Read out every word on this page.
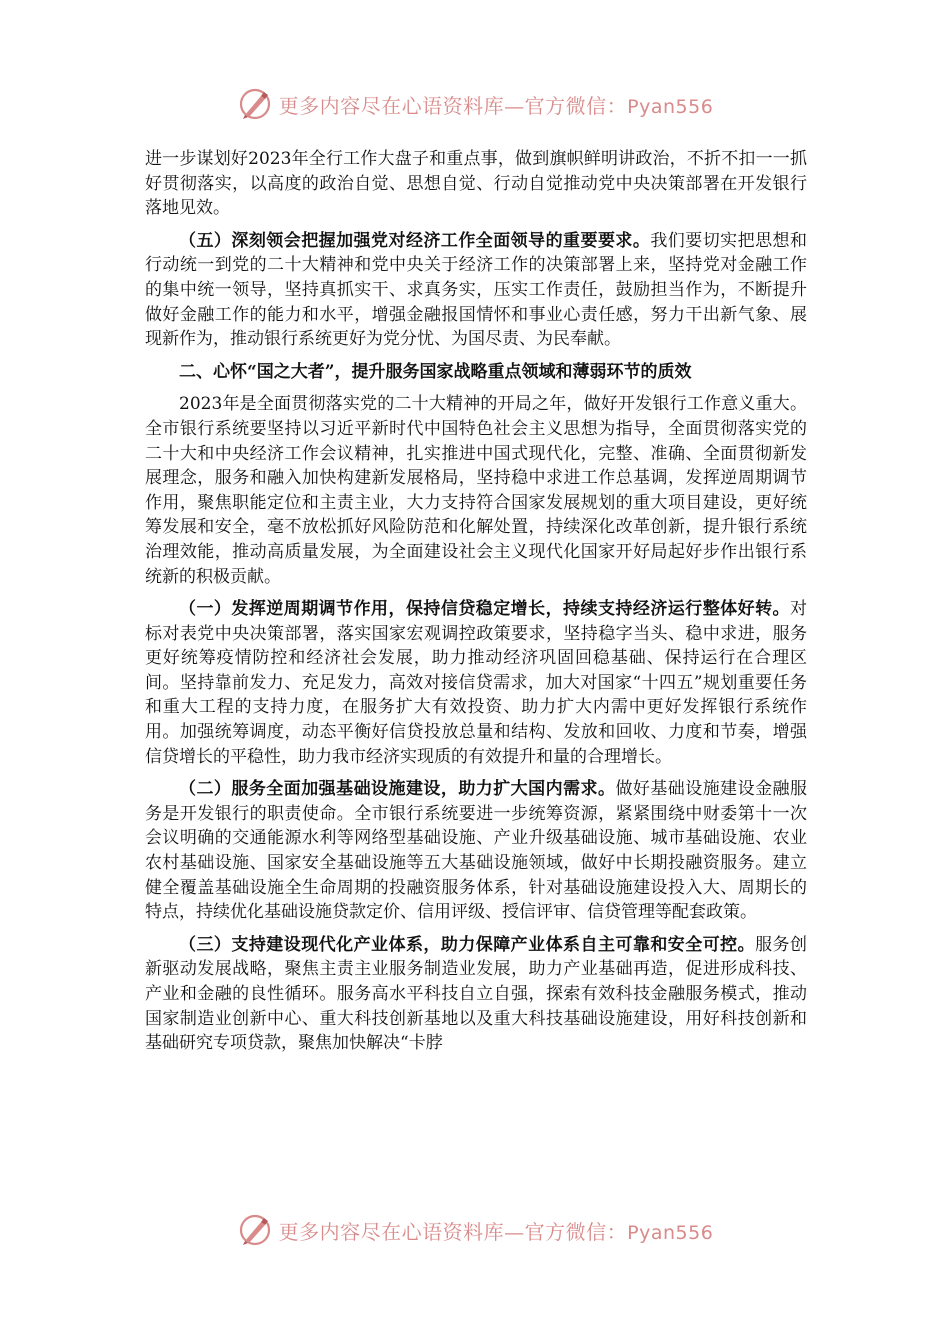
更多内容尽在心语资料库—官方微信：Pyan556

进一步谋划好2023年全行工作大盘子和重点事，做到旗帜鲜明讲政治，不折不扣一一抓好贯彻落实，以高度的政治自觉、思想自觉、行动自觉推动党中央决策部署在开发银行落地见效。

（五）深刻领会把握加强党对经济工作全面领导的重要要求。我们要切实把思想和行动统一到党的二十大精神和党中央关于经济工作的决策部署上来，坚持党对金融工作的集中统一领导，坚持真抓实干、求真务实，压实工作责任，鼓励担当作为，不断提升做好金融工作的能力和水平，增强金融报国情怀和事业心责任感，努力干出新气象、展现新作为，推动银行系统更好为党分忧、为国尽责、为民奉献。

二、心怀“国之大者”，提升服务国家战略重点领域和薄弱环节的质效

2023年是全面贯彻落实党的二十大精神的开局之年，做好开发银行工作意义重大。全市银行系统要坚持以习近平新时代中国特色社会主义思想为指导，全面贯彻落实党的二十大和中央经济工作会议精神，扎实推进中国式现代化，完整、准确、全面贯彻新发展理念，服务和融入加快构建新发展格局，坚持稳中求进工作总基调，发挥逆周期调节作用，聚焦职能定位和主责主业，大力支持符合国家发展规划的重大项目建设，更好统筹发展和安全，毫不放松抓好风险防范和化解处置，持续深化改革创新，提升银行系统治理效能，推动高质量发展，为全面建设社会主义现代化国家开好局起好步作出银行系统新的积极贡献。

（一）发挥逆周期调节作用，保持信贷稳定增长，持续支持经济运行整体好转。对标对表党中央决策部署，落实国家宏观调控政策要求，坚持稳字当头、稳中求进，服务更好统筹疫情防控和经济社会发展，助力推动经济巩固回稳基础、保持运行在合理区间。坚持靠前发力、充足发力，高效对接信贷需求，加大对国家“十四五”规划重要任务和重大工程的支持力度，在服务扩大有效投资、助力扩大内需中更好发挥银行系统作用。加强统筹调度，动态平衡好信贷投放总量和结构、发放和回收、力度和节奏，增强信贷增长的平稳性，助力我市经济实现质的有效提升和量的合理增长。

（二）服务全面加强基础设施建设，助力扩大国内需求。做好基础设施建设金融服务是开发银行的职责使命。全市银行系统要进一步统筹资源，紧紧围绕中财委第十一次会议明确的交通能源水利等网络型基础设施、产业升级基础设施、城市基础设施、农业农村基础设施、国家安全基础设施等五大基础设施领域，做好中长期投融资服务。建立健全覆盖基础设施全生命周期的投融资服务体系，针对基础设施建设投入大、周期长的特点，持续优化基础设施贷款定价、信用评级、授信评审、信贷管理等配套政策。

（三）支持建设现代化产业体系，助力保障产业体系自主可靠和安全可控。服务创新驱动发展战略，聚焦主责主业服务制造业发展，助力产业基础再造，促进形成科技、产业和金融的良性循环。服务高水平科技自立自强，探索有效科技金融服务模式，推动国家制造业创新中心、重大科技创新基地以及重大科技基础设施建设，用好科技创新和基础研究专项贷款，聚焦加快解决“卡脖

更多内容尽在心语资料库—官方微信：Pyan556
